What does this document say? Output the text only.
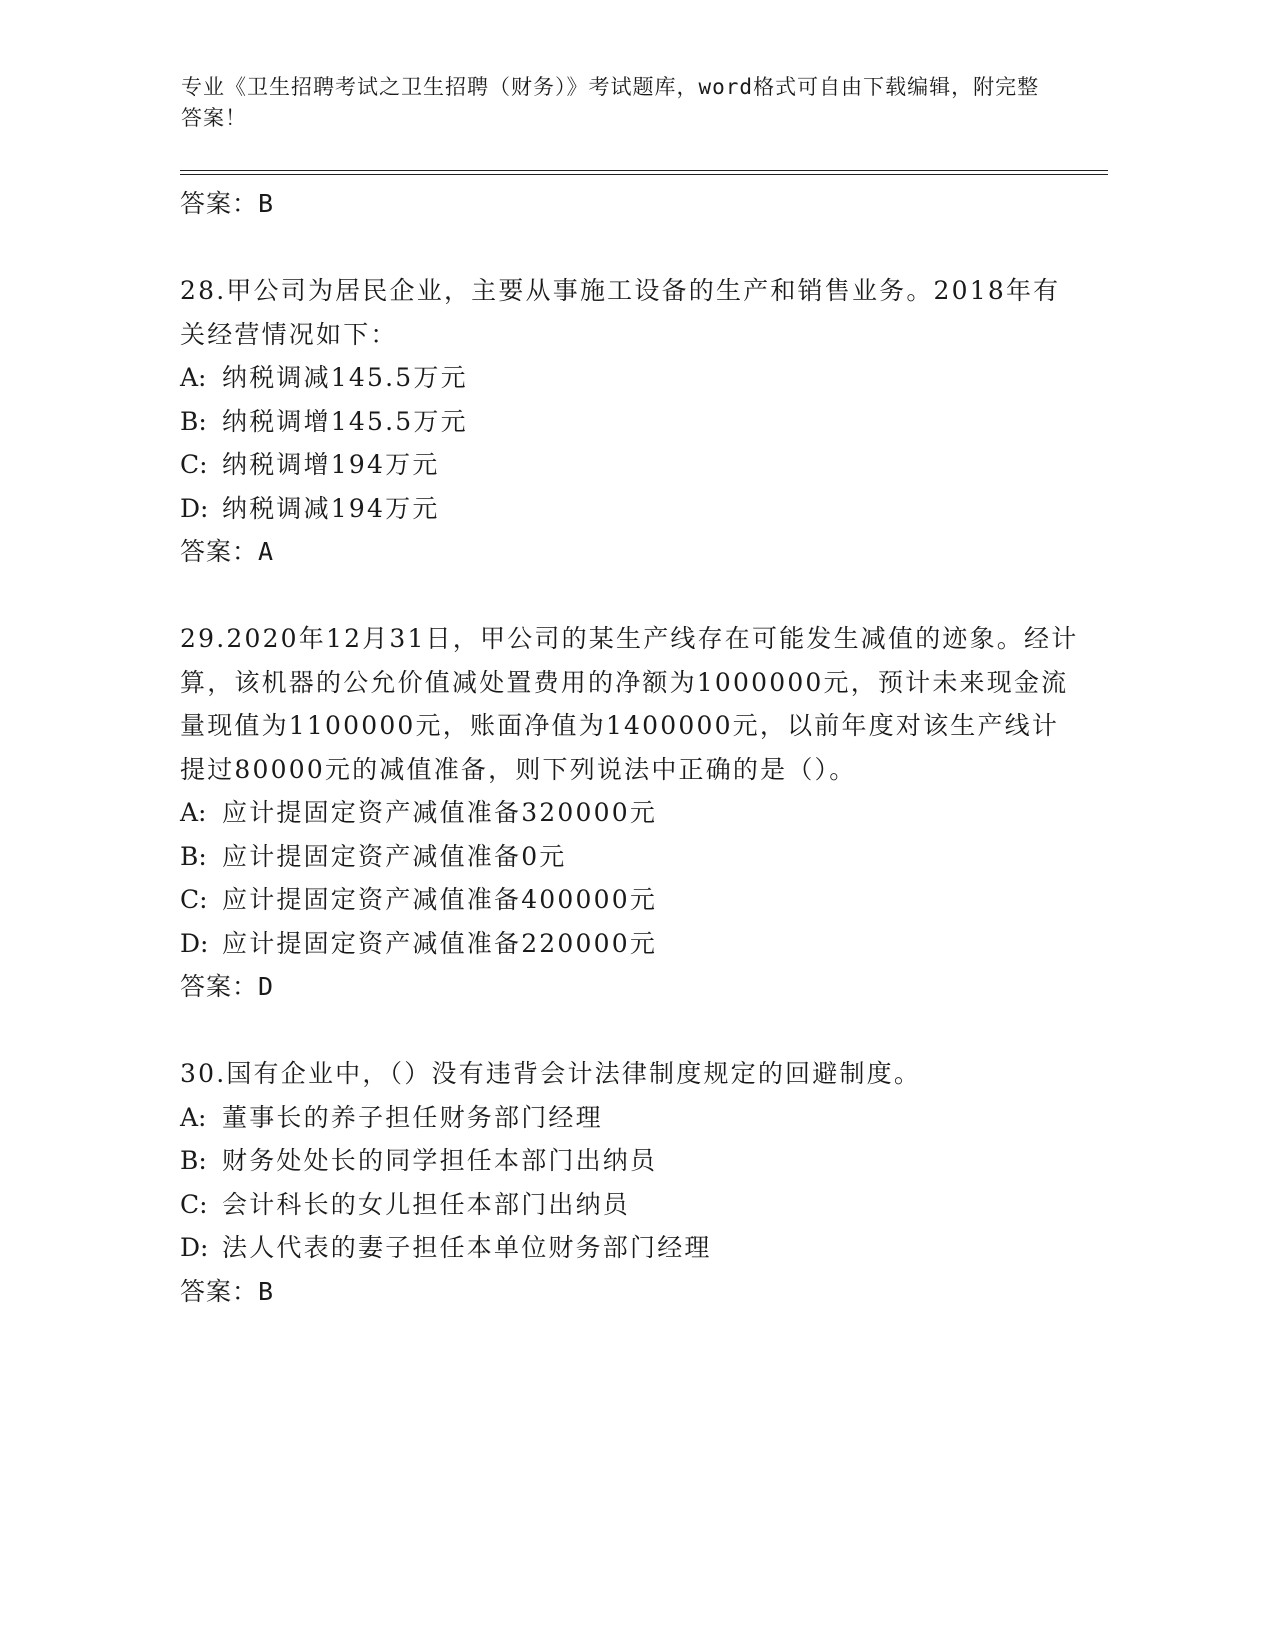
专业《卫生招聘考试之卫生招聘（财务）》考试题库，word格式可自由下载编辑，附完整答案！
答案：B
28.甲公司为居民企业，主要从事施工设备的生产和销售业务。2018年有关经营情况如下：
A: 纳税调减145.5万元
B: 纳税调增145.5万元
C: 纳税调增194万元
D: 纳税调减194万元
答案：A
29.2020年12月31日，甲公司的某生产线存在可能发生减值的迹象。经计算，该机器的公允价值减处置费用的净额为1000000元，预计未来现金流量现值为1100000元，账面净值为1400000元，以前年度对该生产线计提过80000元的减值准备，则下列说法中正确的是（）。
A: 应计提固定资产减值准备320000元
B: 应计提固定资产减值准备0元
C: 应计提固定资产减值准备400000元
D: 应计提固定资产减值准备220000元
答案：D
30.国有企业中，（）没有违背会计法律制度规定的回避制度。
A: 董事长的养子担任财务部门经理
B: 财务处处长的同学担任本部门出纳员
C: 会计科长的女儿担任本部门出纳员
D: 法人代表的妻子担任本单位财务部门经理
答案：B
